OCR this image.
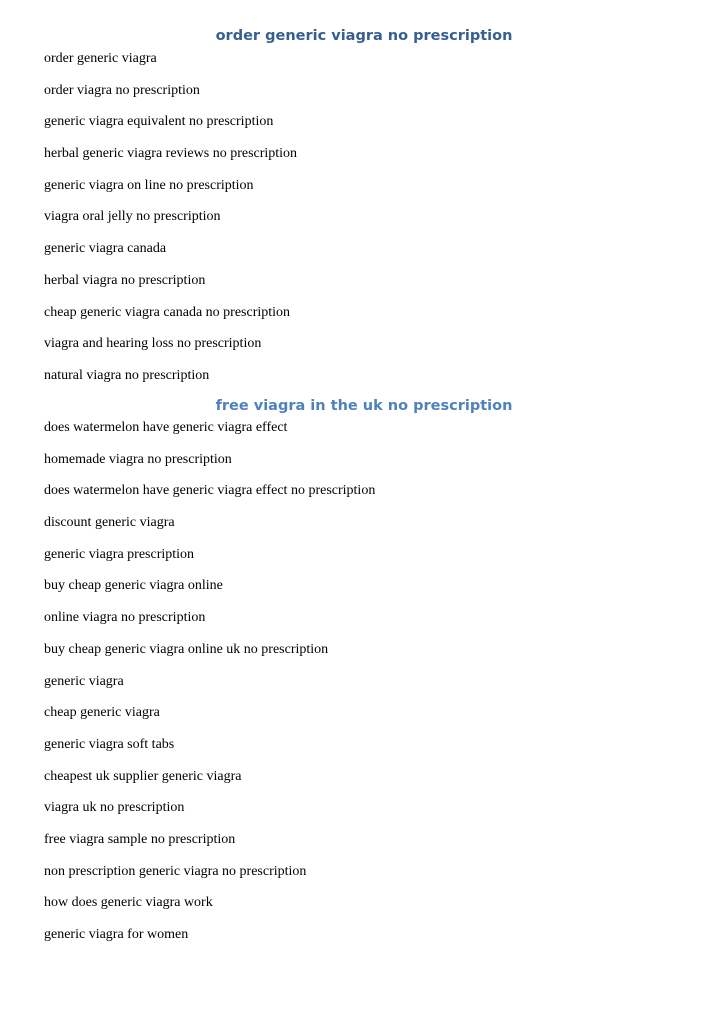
order generic viagra no prescription
order generic viagra
order viagra no prescription
generic viagra equivalent no prescription
herbal generic viagra reviews no prescription
generic viagra on line no prescription
viagra oral jelly no prescription
generic viagra canada
herbal viagra no prescription
cheap generic viagra canada no prescription
viagra and hearing loss no prescription
natural viagra no prescription
free viagra in the uk no prescription
does watermelon have generic viagra effect
homemade viagra no prescription
does watermelon have generic viagra effect no prescription
discount generic viagra
generic viagra prescription
buy cheap generic viagra online
online viagra no prescription
buy cheap generic viagra online uk no prescription
generic viagra
cheap generic viagra
generic viagra soft tabs
cheapest uk supplier generic viagra
viagra uk no prescription
free viagra sample no prescription
non prescription generic viagra no prescription
how does generic viagra work
generic viagra for women
